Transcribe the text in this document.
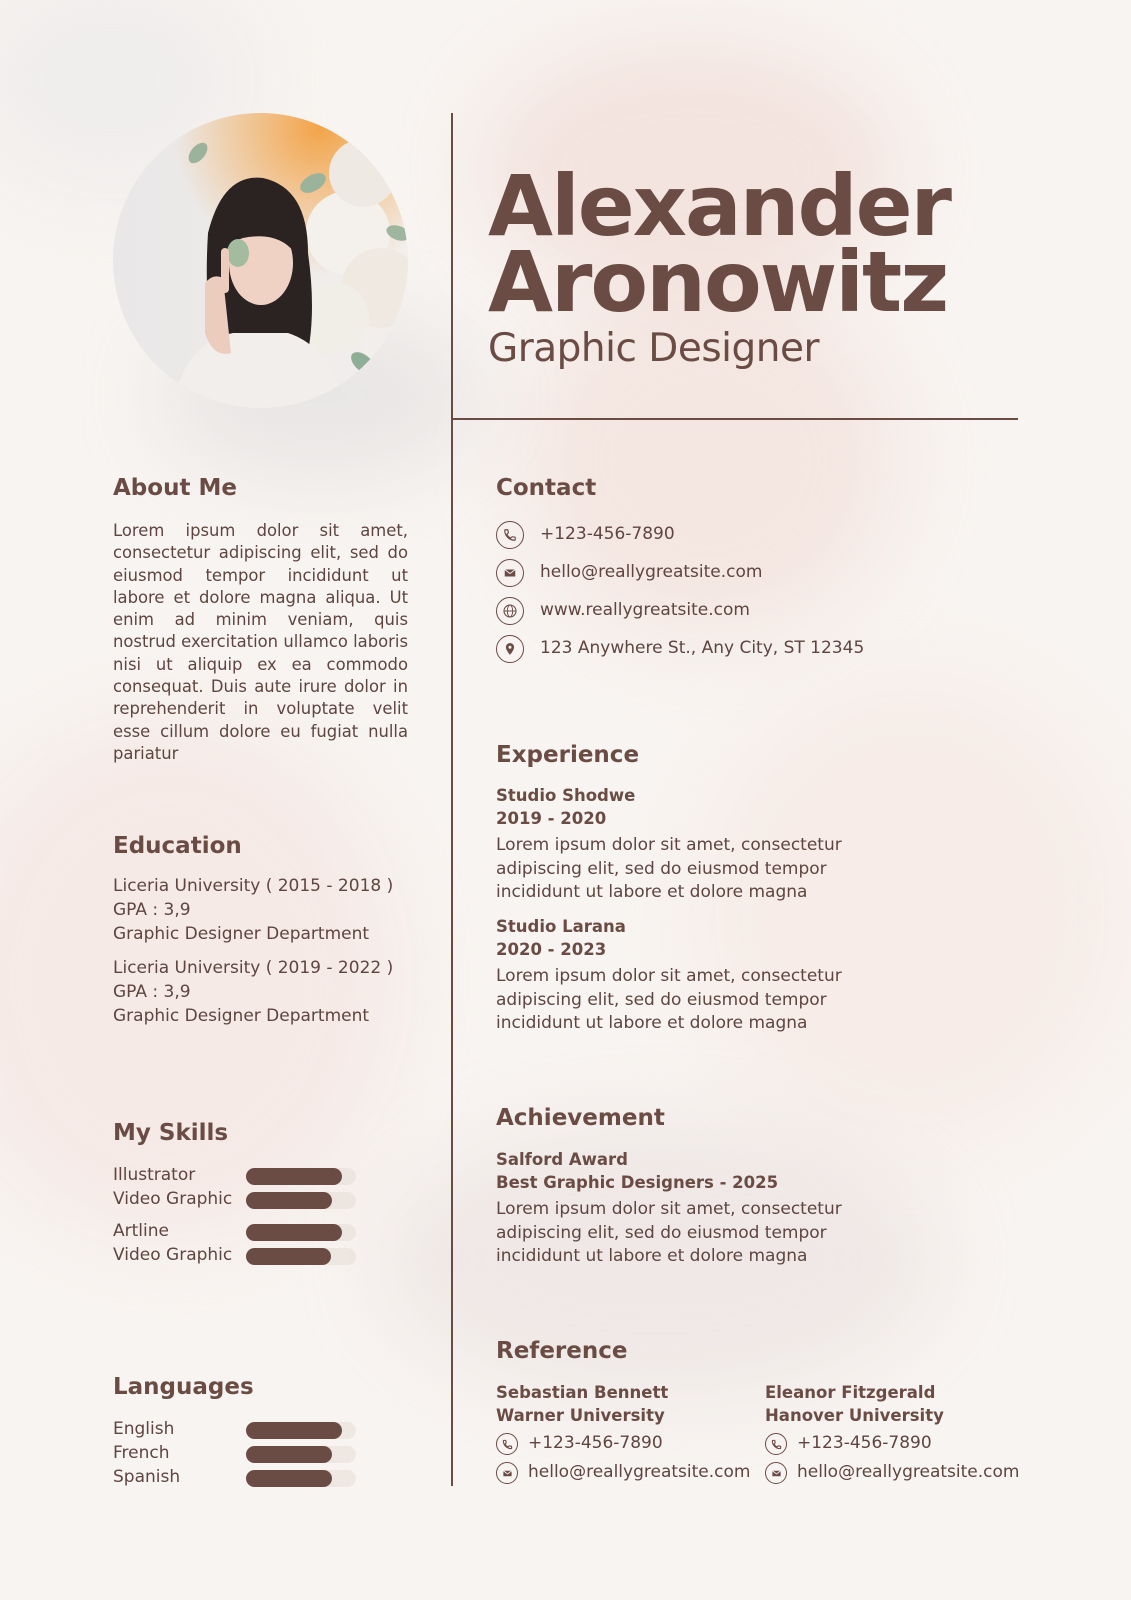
Alexander
Aronowitz
Graphic Designer
About Me
Lorem ipsum dolor sit amet, consectetur adipiscing elit, sed do eiusmod tempor incididunt ut labore et dolore magna aliqua. Ut enim ad minim veniam, quis nostrud exercitation ullamco laboris nisi ut aliquip ex ea commodo consequat. Duis aute irure dolor in reprehenderit in voluptate velit esse cillum dolore eu fugiat nulla pariatur
Education
Liceria University ( 2015 - 2018 )
GPA : 3,9
Graphic Designer Department
Liceria University ( 2019 - 2022 )
GPA : 3,9
Graphic Designer Department
My Skills
Illustrator
Video Graphic
Artline
Video Graphic
Languages
English
French
Spanish
Contact
+123-456-7890
hello@reallygreatsite.com
www.reallygreatsite.com
123 Anywhere St., Any City, ST 12345
Experience
Studio Shodwe
2019 - 2020
Lorem ipsum dolor sit amet, consectetur adipiscing elit, sed do eiusmod tempor incididunt ut labore et dolore magna
Studio Larana
2020 - 2023
Lorem ipsum dolor sit amet, consectetur adipiscing elit, sed do eiusmod tempor incididunt ut labore et dolore magna
Achievement
Salford Award
Best Graphic Designers - 2025
Lorem ipsum dolor sit amet, consectetur adipiscing elit, sed do eiusmod tempor incididunt ut labore et dolore magna
Reference
Sebastian Bennett
Warner University
+123-456-7890
hello@reallygreatsite.com
Eleanor Fitzgerald
Hanover University
+123-456-7890
hello@reallygreatsite.com
